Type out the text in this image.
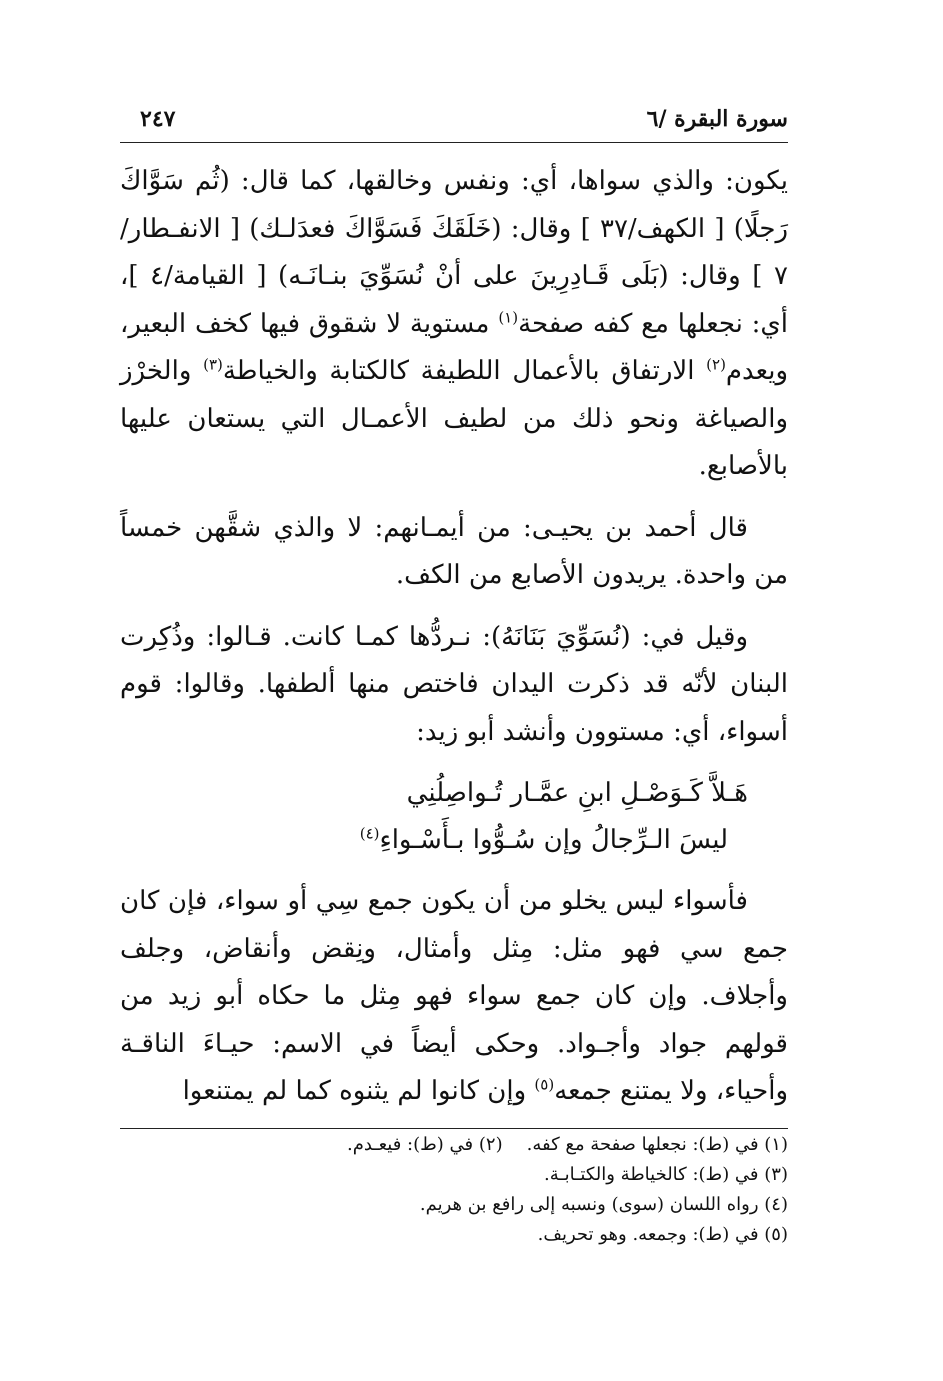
سورة البقرة /٦
٢٤٧

يكون: والذي سواها، أي: ونفس وخالقها، كما قال: (ثُم سَوَّاكَ رَجلًا) [ الكهف/٣٧ ] وقال: (خَلَقَكَ فَسَوَّاكَ فعدَلـك) [ الانفـطار/٧ ] وقال: (بَلَى قَـادِرِينَ على أنْ نُسَوِّيَ بنـانَـه) [ القيامة/٤ ]، أي: نجعلها مع كفه صفحة$^{(١)}$ مستوية لا شقوق فيها كخف البعير، ويعدم$^{(٢)}$ الارتفاق بالأعمال اللطيفة كالكتابة والخياطة$^{(٣)}$ والخرْز والصياغة ونحو ذلك من لطيف الأعمـال التي يستعان عليها بالأصابع.

قال أحمد بن يحيـى: من أيمـانهم: لا والذي شقَّهن خمساً من واحدة. يريدون الأصابع من الكف.

وقيل في: (نُسَوِّيَ بَنَانَهُ): نـردُّها كمـا كانت. قـالوا: وذُكِرت البنان لأنّه قد ذكرت اليدان فاختص منها ألطفها. وقالوا: قوم أسواء، أي: مستوون وأنشد أبو زيد:

هَـلاَّ كَـوَصْـلِ ابنِ عمَّـار تُـواصِلُنِي
ليسَ الـرِّجالُ وإن سُـوُّوا بـأَسْـواءِ$^{(٤)}$

فأسواء ليس يخلو من أن يكون جمع سِي أو سواء، فإن كان جمع سي فهو مثل: مِثل وأمثال، ونِقض وأنقاض، وجلف وأجلاف. وإن كان جمع سواء فهو مِثل ما حكاه أبو زيد من قولهم جواد وأجـواد. وحكى أيضاً في الاسم: حيـاءَ الناقـة وأحياء، ولا يمتنع جمعه$^{(٥)}$ وإن كانوا لم يثنوه كما لم يمتنعوا

(١) في (ط): نجعلها صفحة مع كفه.(٢) في (ط): فيعـدم.
(٣) في (ط): كالخياطة والكتـابـة.
(٤) رواه اللسان (سوى) ونسبه إلى رافع بن هريم.
(٥) في (ط): وجمعه. وهو تحريف.
